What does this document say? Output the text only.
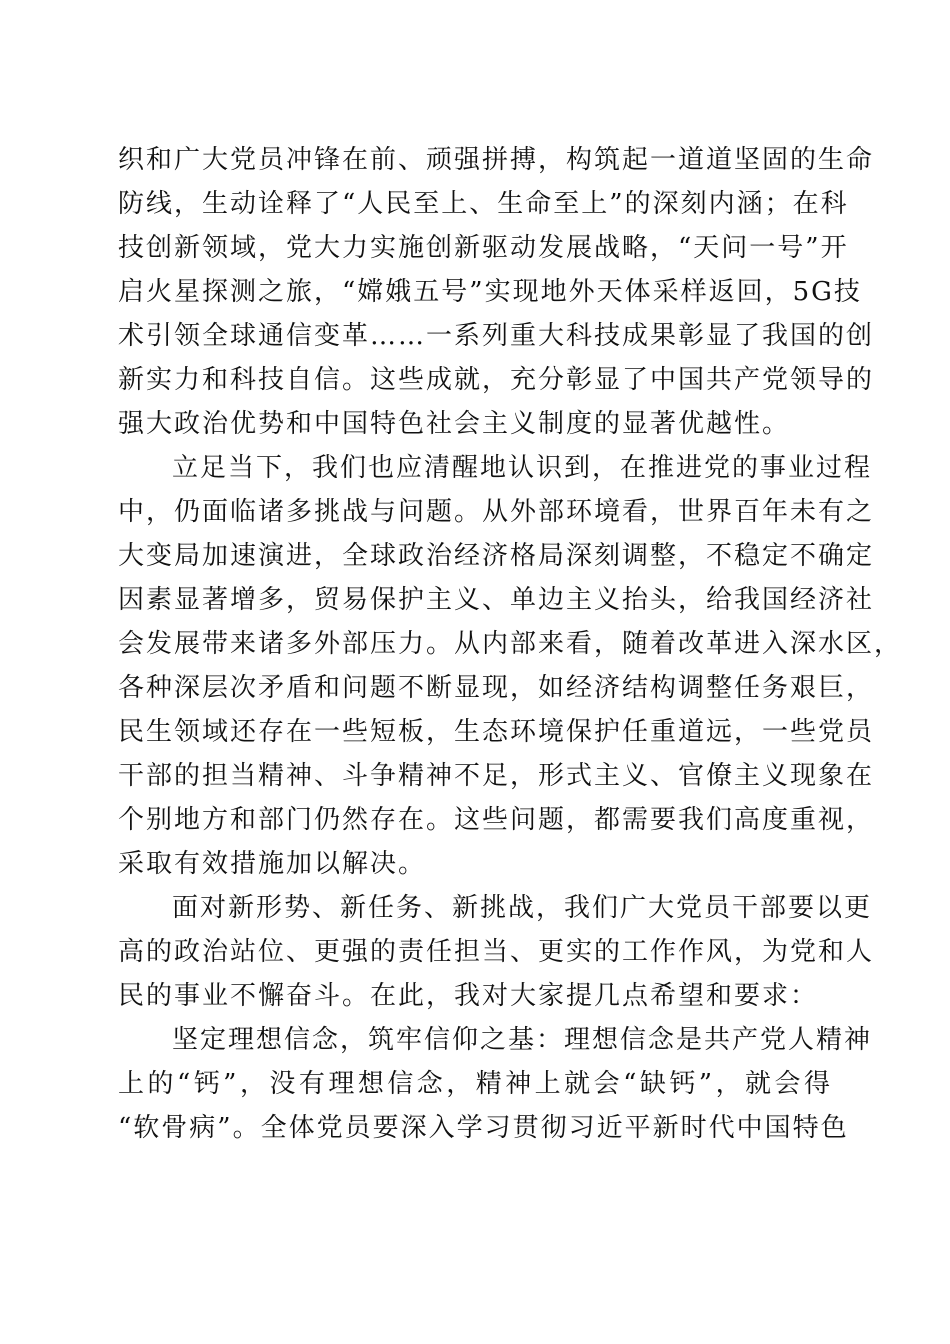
织和广大党员冲锋在前、顽强拼搏，构筑起一道道坚固的生命
防线，生动诠释了“人民至上、生命至上”的深刻内涵；在科
技创新领域，党大力实施创新驱动发展战略，“天问一号”开
启火星探测之旅，“嫦娥五号”实现地外天体采样返回，5G技
术引领全球通信变革……一系列重大科技成果彰显了我国的创
新实力和科技自信。这些成就，充分彰显了中国共产党领导的
强大政治优势和中国特色社会主义制度的显著优越性。
立足当下，我们也应清醒地认识到，在推进党的事业过程
中，仍面临诸多挑战与问题。从外部环境看，世界百年未有之
大变局加速演进，全球政治经济格局深刻调整，不稳定不确定
因素显著增多，贸易保护主义、单边主义抬头，给我国经济社
会发展带来诸多外部压力。从内部来看，随着改革进入深水区，
各种深层次矛盾和问题不断显现，如经济结构调整任务艰巨，
民生领域还存在一些短板，生态环境保护任重道远，一些党员
干部的担当精神、斗争精神不足，形式主义、官僚主义现象在
个别地方和部门仍然存在。这些问题，都需要我们高度重视，
采取有效措施加以解决。
面对新形势、新任务、新挑战，我们广大党员干部要以更
高的政治站位、更强的责任担当、更实的工作作风，为党和人
民的事业不懈奋斗。在此，我对大家提几点希望和要求：
坚定理想信念，筑牢信仰之基：理想信念是共产党人精神
上的“钙”，没有理想信念，精神上就会“缺钙”，就会得
“软骨病”。全体党员要深入学习贯彻习近平新时代中国特色
